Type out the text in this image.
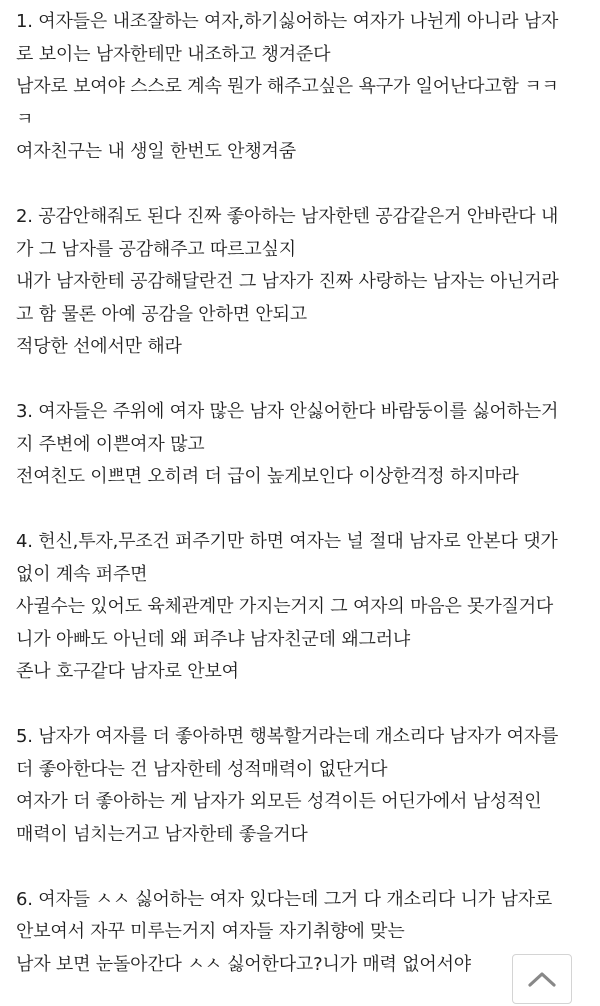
1. 여자들은 내조잘하는 여자,하기싫어하는 여자가 나뉜게 아니라 남자
로 보이는 남자한테만 내조하고 챙겨준다
남자로 보여야 스스로 계속 뭔가 해주고싶은 욕구가 일어난다고함 ㅋㅋ
ㅋ
여자친구는 내 생일 한번도 안챙겨줌
2. 공감안해줘도 된다 진짜 좋아하는 남자한텐 공감같은거 안바란다 내
가 그 남자를 공감해주고 따르고싶지
내가 남자한테 공감해달란건 그 남자가 진짜 사랑하는 남자는 아닌거라
고 함 물론 아예 공감을 안하면 안되고
적당한 선에서만 해라
3. 여자들은 주위에 여자 많은 남자 안싫어한다 바람둥이를 싫어하는거
지 주변에 이쁜여자 많고
전여친도 이쁘면 오히려 더 급이 높게보인다 이상한걱정 하지마라
4. 헌신,투자,무조건 퍼주기만 하면 여자는 널 절대 남자로 안본다 댓가
없이 계속 퍼주면
사귈수는 있어도 육체관계만 가지는거지 그 여자의 마음은 못가질거다
니가 아빠도 아닌데 왜 퍼주냐 남자친군데 왜그러냐
존나 호구같다 남자로 안보여
5. 남자가 여자를 더 좋아하면 행복할거라는데 개소리다 남자가 여자를
더 좋아한다는 건 남자한테 성적매력이 없단거다
여자가 더 좋아하는 게 남자가 외모든 성격이든 어딘가에서 남성적인
매력이 넘치는거고 남자한테 좋을거다
6. 여자들 ㅅㅅ 싫어하는 여자 있다는데 그거 다 개소리다 니가 남자로
안보여서 자꾸 미루는거지 여자들 자기취향에 맞는
남자 보면 눈돌아간다 ㅅㅅ 싫어한다고?니가 매력 없어서야
